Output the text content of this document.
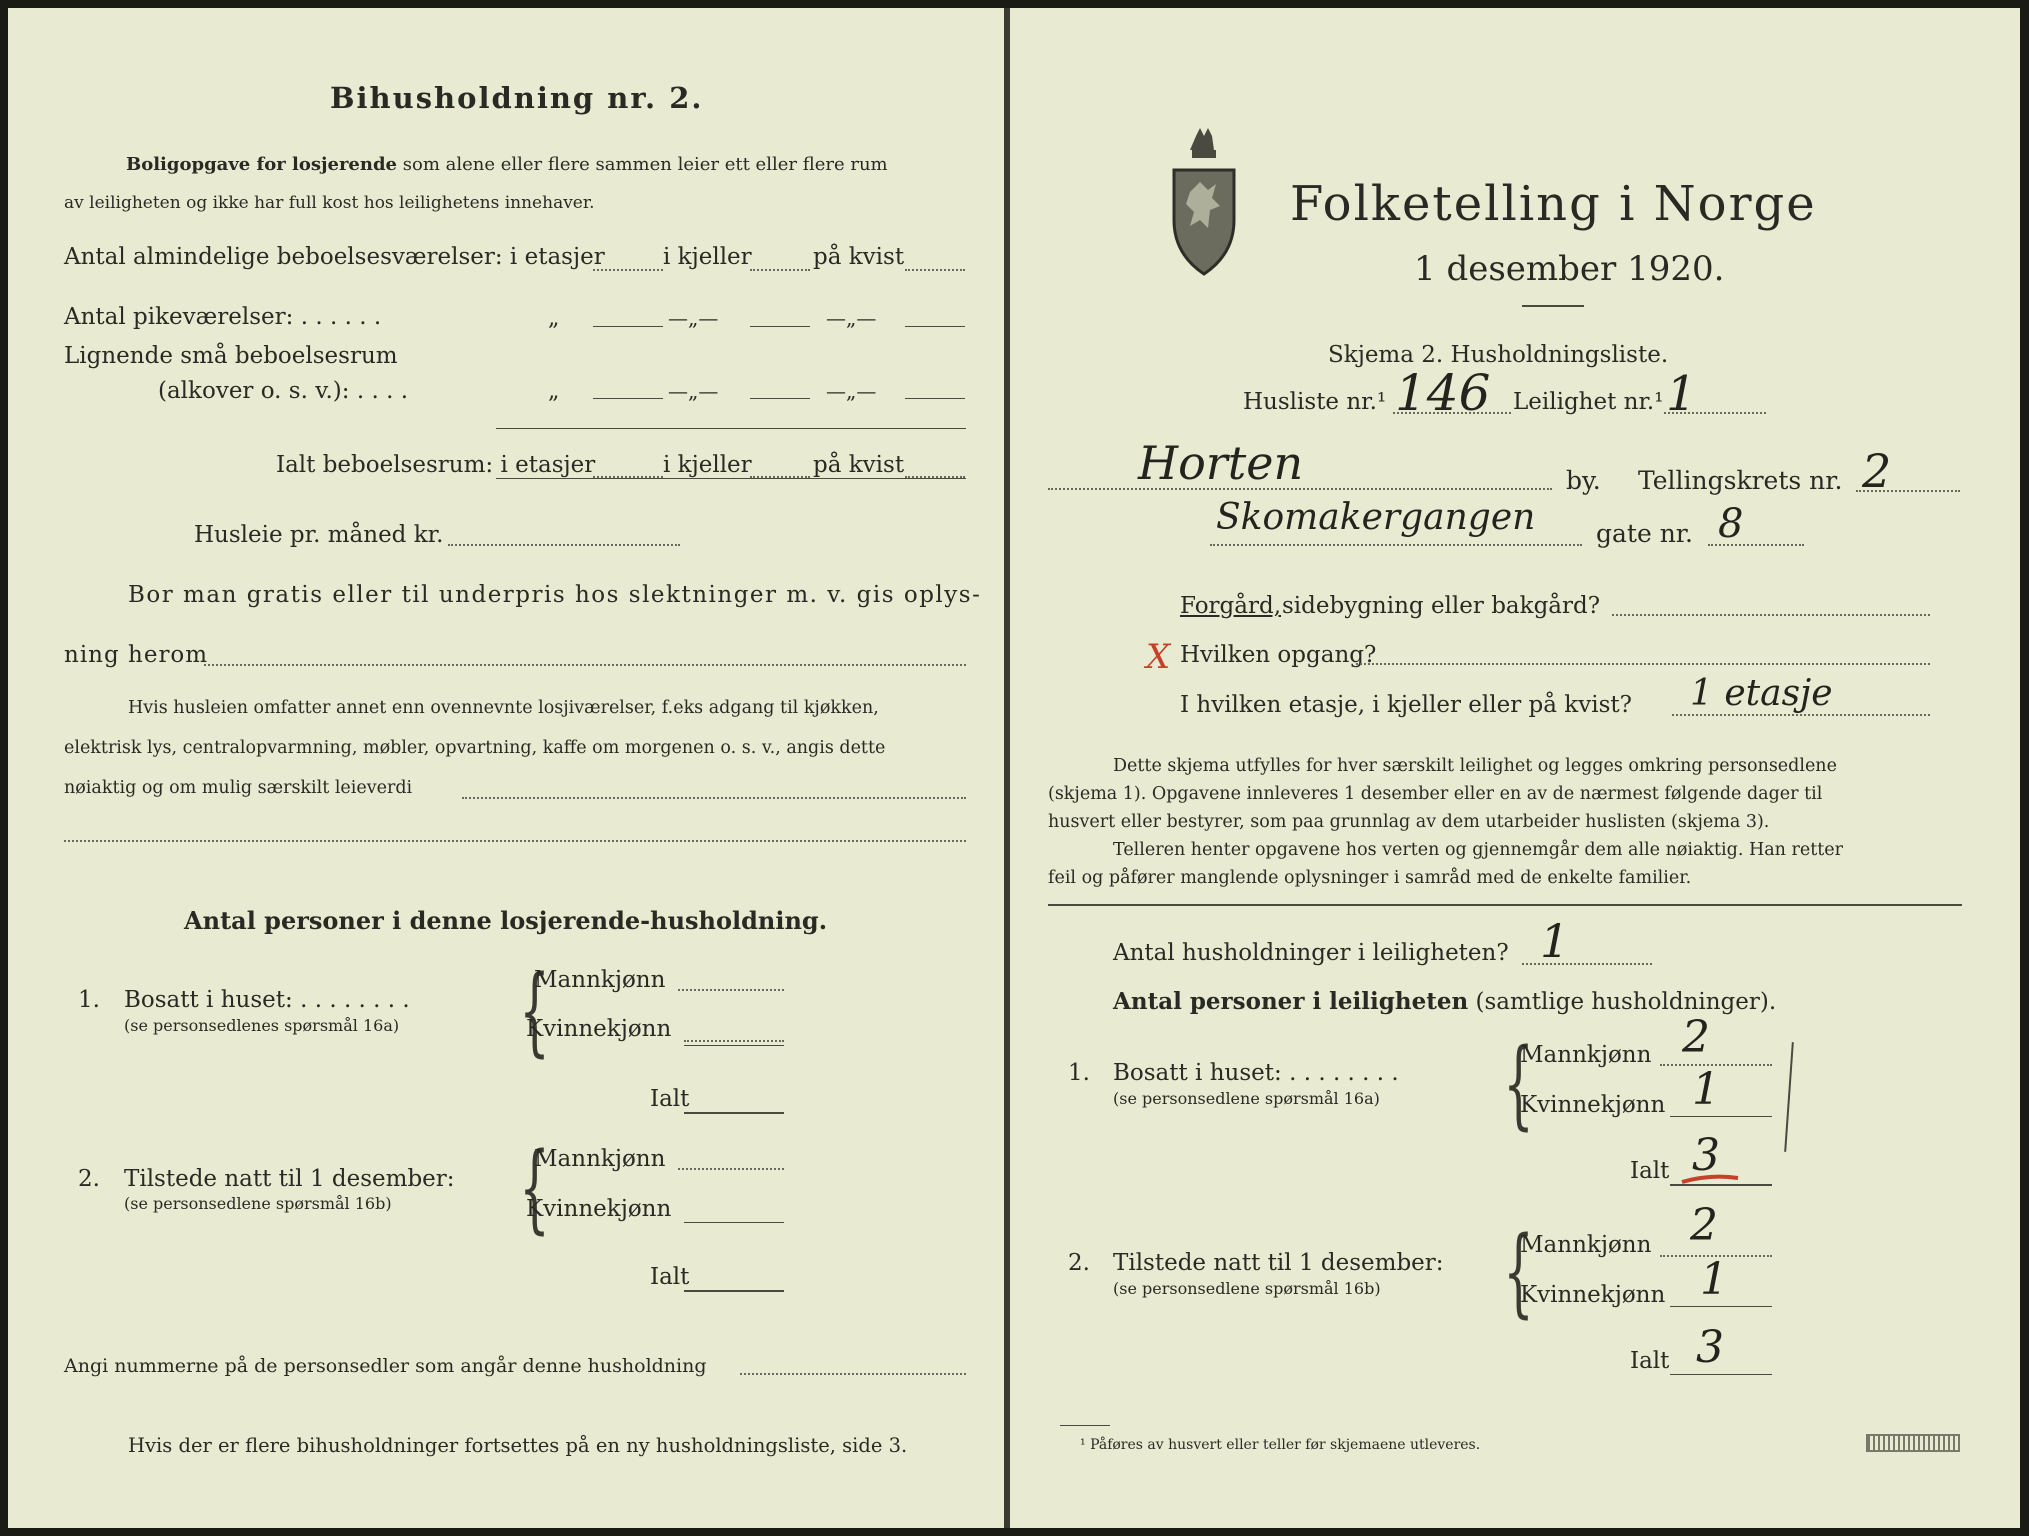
Bihusholdning nr. 2.
Boligopgave for losjerende som alene eller flere sammen leier ett eller flere rum
av leiligheten og ikke har full kost hos leilighetens innehaver.
Antal almindelige beboelsesværelser: i etasjer	i kjeller	på kvist
Antal pikeværelser: . . . . . .	„	—„—	—„—
Lignende små beboelsesrum
(alkover o. s. v.): . . . .	„	—„—	—„—
Ialt beboelsesrum: i etasjer	i kjeller	på kvist
Husleie pr. måned kr.
Bor man gratis eller til underpris hos slektninger m. v. gis oplys-
ning herom
Hvis husleien omfatter annet enn ovennevnte losjiværelser, f.eks adgang til kjøkken,
elektrisk lys, centralopvarmning, møbler, opvartning, kaffe om morgenen o. s. v., angis dette
nøiaktig og om mulig særskilt leieverdi
Antal personer i denne losjerende-husholdning.
1. Bosatt i huset: . . . . . . . .
(se personsedlenes spørsmål 16a) {
Mannkjønn
Kvinnekjønn
Ialt
2. Tilstede natt til 1 desember:
(se personsedlene spørsmål 16b) {
Mannkjønn
Kvinnekjønn
Ialt
Angi nummerne på de personsedler som angår denne husholdning
Hvis der er flere bihusholdninger fortsettes på en ny husholdningsliste, side 3.
Folketelling i Norge
1 desember 1920.
Skjema 2. Husholdningsliste.
Husliste nr.¹ 146 Leilighet nr.¹ 1
Horten	by. Tellingskrets nr. 2
Skomakergangen gate nr. 8
Forgård, sidebygning eller bakgård?
X Hvilken opgang?
I hvilken etasje, i kjeller eller på kvist? 1 etasje
Dette skjema utfylles for hver særskilt leilighet og legges omkring personsedlene
(skjema 1). Opgavene innleveres 1 desember eller en av de nærmest følgende dager til
husvert eller bestyrer, som paa grunnlag av dem utarbeider huslisten (skjema 3).
Telleren henter opgavene hos verten og gjennemgår dem alle nøiaktig. Han retter
feil og påfører manglende oplysninger i samråd med de enkelte familier.
Antal husholdninger i leiligheten? 1
Antal personer i leiligheten (samtlige husholdninger).
1. Bosatt i huset: . . . . . . . .
(se personsedlene spørsmål 16a) {
Mannkjønn 2
Kvinnekjønn 1
Ialt 3
2. Tilstede natt til 1 desember:
(se personsedlene spørsmål 16b) {
Mannkjønn 2
Kvinnekjønn 1
Ialt 3
¹ Påføres av husvert eller teller før skjemaene utleveres.
